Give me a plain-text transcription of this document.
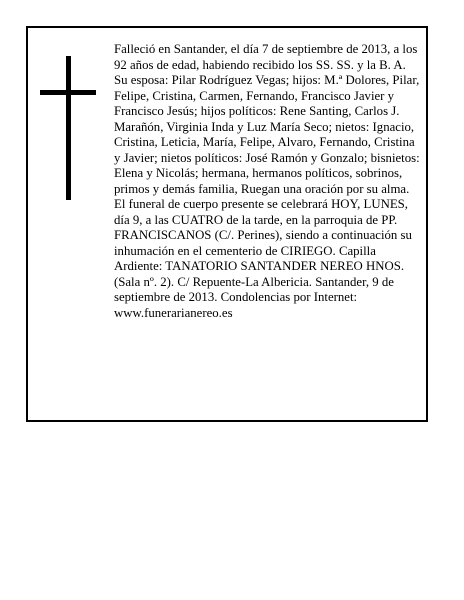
Falleció en Santander, el día 7 de septiembre de 2013, a los 92 años de edad, habiendo recibido los SS. SS. y la B. A.

Su esposa: Pilar Rodríguez Vegas; hijos: M.ª Dolores, Pilar, Felipe, Cristina, Carmen, Fernando, Francisco Javier y Francisco Jesús; hijos políticos: Rene Santing, Carlos J. Marañón, Virginia Inda y Luz María Seco; nietos: Ignacio, Cristina, Leticia, María, Felipe, Alvaro, Fernando, Cristina y Javier; nietos políticos: José Ramón y Gonzalo; bisnietos: Elena y Nicolás; hermana, hermanos políticos, sobrinos, primos y demás familia, Ruegan una oración por su alma. El funeral de cuerpo presente se celebrará HOY, LUNES, día 9, a las CUATRO de la tarde, en la parroquia de PP. FRANCISCANOS (C/. Perines), siendo a continuación su inhumación en el cementerio de CIRIEGO. Capilla Ardiente: TANATORIO SANTANDER NEREO HNOS. (Sala nº. 2). C/ Repuente-La Albericia. Santander, 9 de septiembre de 2013. Condolencias por Internet: www.funerarianereo.es
